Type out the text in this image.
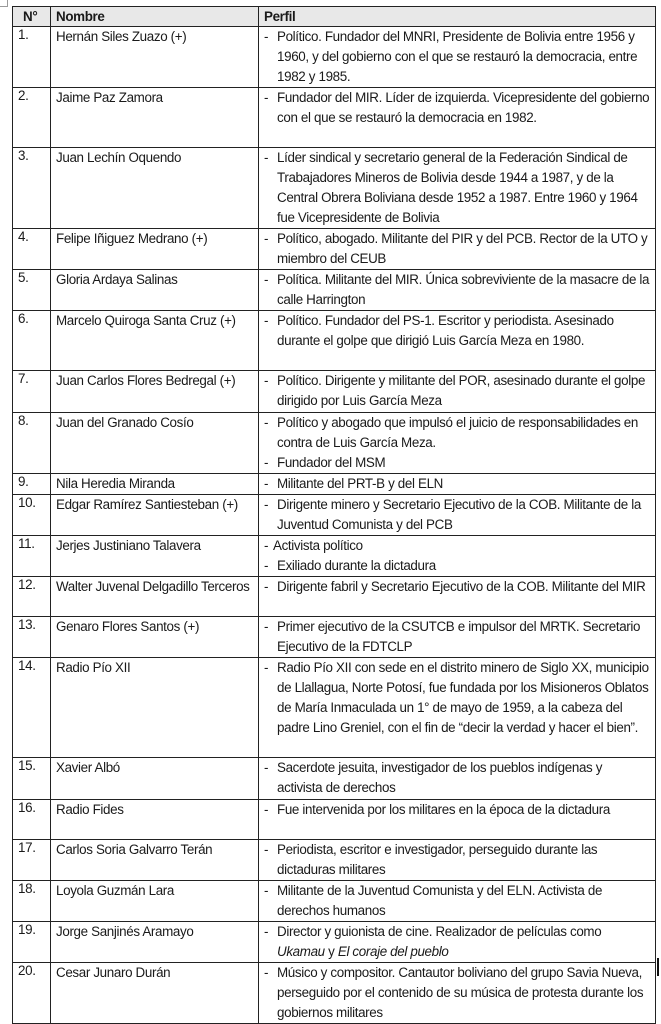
N°	Nombre	Perfil
1.	Hernán Siles Zuazo (+)	- Político. Fundador del MNRI, Presidente de Bolivia entre 1956 y 1960, y del gobierno con el que se restauró la democracia, entre 1982 y 1985.

2.	Jaime Paz Zamora	- Fundador del MIR. Líder de izquierda. Vicepresidente del gobierno con el que se restauró la democracia en 1982.

3.	Juan Lechín Oquendo	- Líder sindical y secretario general de la Federación Sindical de Trabajadores Mineros de Bolivia desde 1944 a 1987, y de la Central Obrera Boliviana desde 1952 a 1987. Entre 1960 y 1964 fue Vicepresidente de Bolivia

4.	Felipe Iñiguez Medrano (+)	- Político, abogado. Militante del PIR y del PCB. Rector de la UTO y miembro del CEUB

5.	Gloria Ardaya Salinas	- Política. Militante del MIR. Única sobreviviente de la masacre de la calle Harrington

6.	Marcelo Quiroga Santa Cruz (+)	- Político. Fundador del PS-1. Escritor y periodista. Asesinado durante el golpe que dirigió Luis García Meza en 1980.

7.	Juan Carlos Flores Bedregal (+)	- Político. Dirigente y militante del POR, asesinado durante el golpe dirigido por Luis García Meza

8.	Juan del Granado Cosío	- Político y abogado que impulsó el juicio de responsabilidades en contra de Luis García Meza.
- Fundador del MSM

9.	Nila Heredia Miranda	- Militante del PRT-B y del ELN

10.	Edgar Ramírez Santiesteban (+)	- Dirigente minero y Secretario Ejecutivo de la COB. Militante de la Juventud Comunista y del PCB

11.	Jerjes Justiniano Talavera	- Activista político
- Exiliado durante la dictadura

12.	Walter Juvenal Delgadillo Terceros	- Dirigente fabril y Secretario Ejecutivo de la COB. Militante del MIR

13.	Genaro Flores Santos (+)	- Primer ejecutivo de la CSUTCB e impulsor del MRTK. Secretario Ejecutivo de la FDTCLP

14.	Radio Pío XII	- Radio Pío XII con sede en el distrito minero de Siglo XX, municipio de Llallagua, Norte Potosí, fue fundada por los Misioneros Oblatos de María Inmaculada un 1° de mayo de 1959, a la cabeza del padre Lino Greniel, con el fin de “decir la verdad y hacer el bien”.

15.	Xavier Albó	- Sacerdote jesuita, investigador de los pueblos indígenas y activista de derechos

16.	Radio Fides	- Fue intervenida por los militares en la época de la dictadura

17.	Carlos Soria Galvarro Terán	- Periodista, escritor e investigador, perseguido durante las dictaduras militares

18.	Loyola Guzmán Lara	- Militante de la Juventud Comunista y del ELN. Activista de derechos humanos

19.	Jorge Sanjinés Aramayo	- Director y guionista de cine. Realizador de películas como Ukamau y El coraje del pueblo

20.	Cesar Junaro Durán	- Músico y compositor. Cantautor boliviano del grupo Savia Nueva, perseguido por el contenido de su música de protesta durante los gobiernos militares
